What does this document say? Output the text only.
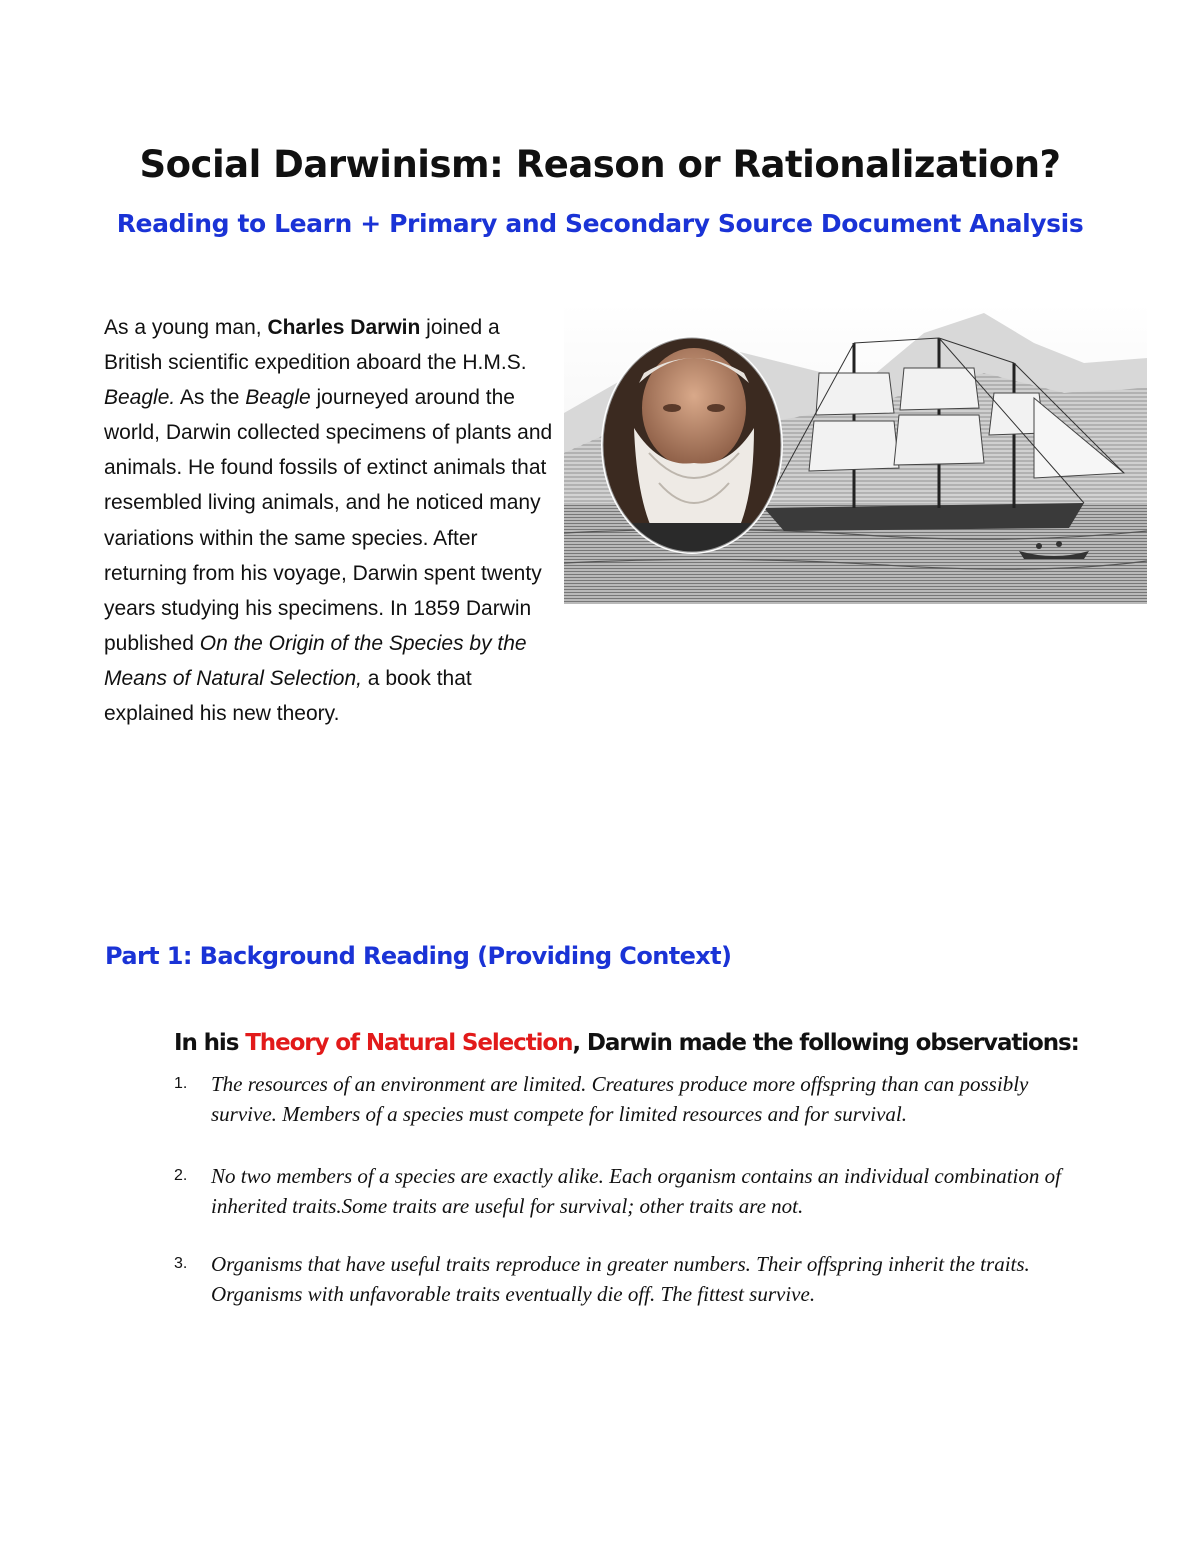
Social Darwinism: Reason or Rationalization?
Reading to Learn + Primary and Secondary Source Document Analysis

As a young man, Charles Darwin joined a British scientific expedition aboard the H.M.S. Beagle. As the Beagle journeyed around the world, Darwin collected specimens of plants and animals. He found fossils of extinct animals that resembled living animals, and he noticed many variations within the same species. After returning from his voyage, Darwin spent twenty years studying his specimens. In 1859 Darwin published On the Origin of the Species by the Means of Natural Selection, a book that explained his new theory.

Part 1: Background Reading (Providing Context)
In his Theory of Natural Selection, Darwin made the following observations:
1. The resources of an environment are limited. Creatures produce more offspring than can possibly survive. Members of a species must compete for limited resources and for survival.
2. No two members of a species are exactly alike. Each organism contains an individual combination of inherited traits.Some traits are useful for survival; other traits are not.
3. Organisms that have useful traits reproduce in greater numbers. Their offspring inherit the traits. Organisms with unfavorable traits eventually die off. The fittest survive.
